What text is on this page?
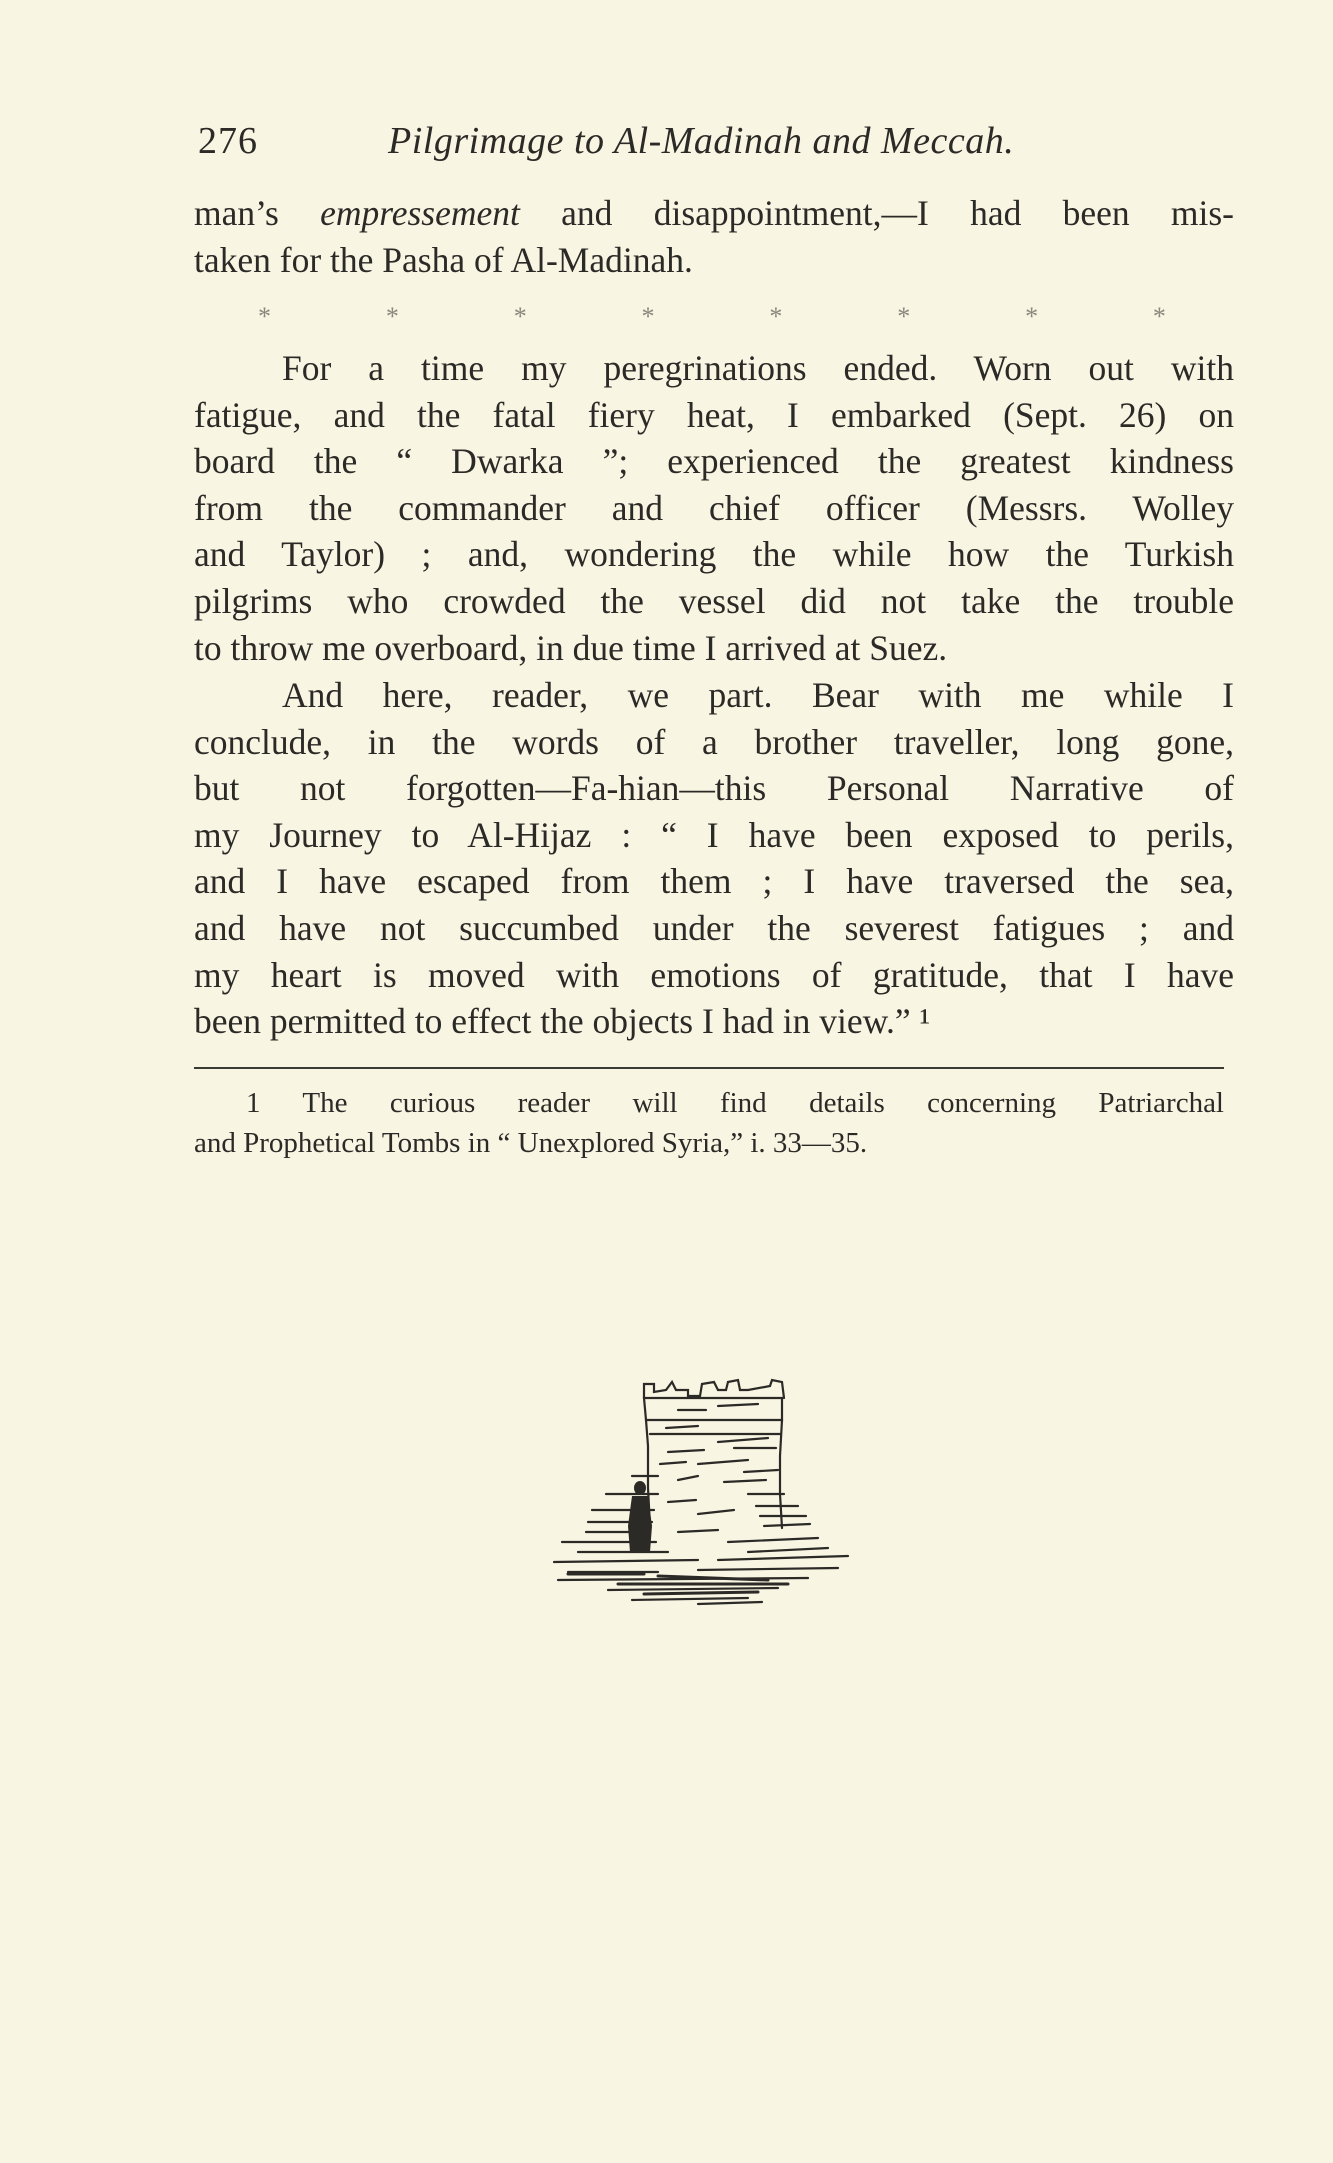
276	Pilgrimage to Al-Madinah and Meccah.
man’s empressement and disappointment,—I had been mis-
taken for the Pasha of Al-Madinah.
*	*	*	*	*	*	*	*
For a time my peregrinations ended. Worn out with
fatigue, and the fatal fiery heat, I embarked (Sept. 26) on
board the “ Dwarka ”; experienced the greatest kindness
from the commander and chief officer (Messrs. Wolley
and Taylor) ; and, wondering the while how the Turkish
pilgrims who crowded the vessel did not take the trouble
to throw me overboard, in due time I arrived at Suez.
And here, reader, we part. Bear with me while I
conclude, in the words of a brother traveller, long gone,
but not forgotten—Fa-hian—this Personal Narrative of
my Journey to Al-Hijaz : “ I have been exposed to perils,
and I have escaped from them ; I have traversed the sea,
and have not succumbed under the severest fatigues ; and
my heart is moved with emotions of gratitude, that I have
been permitted to effect the objects I had in view.” ¹
1 The curious reader will find details concerning Patriarchal
and Prophetical Tombs in “ Unexplored Syria,” i. 33—35.
